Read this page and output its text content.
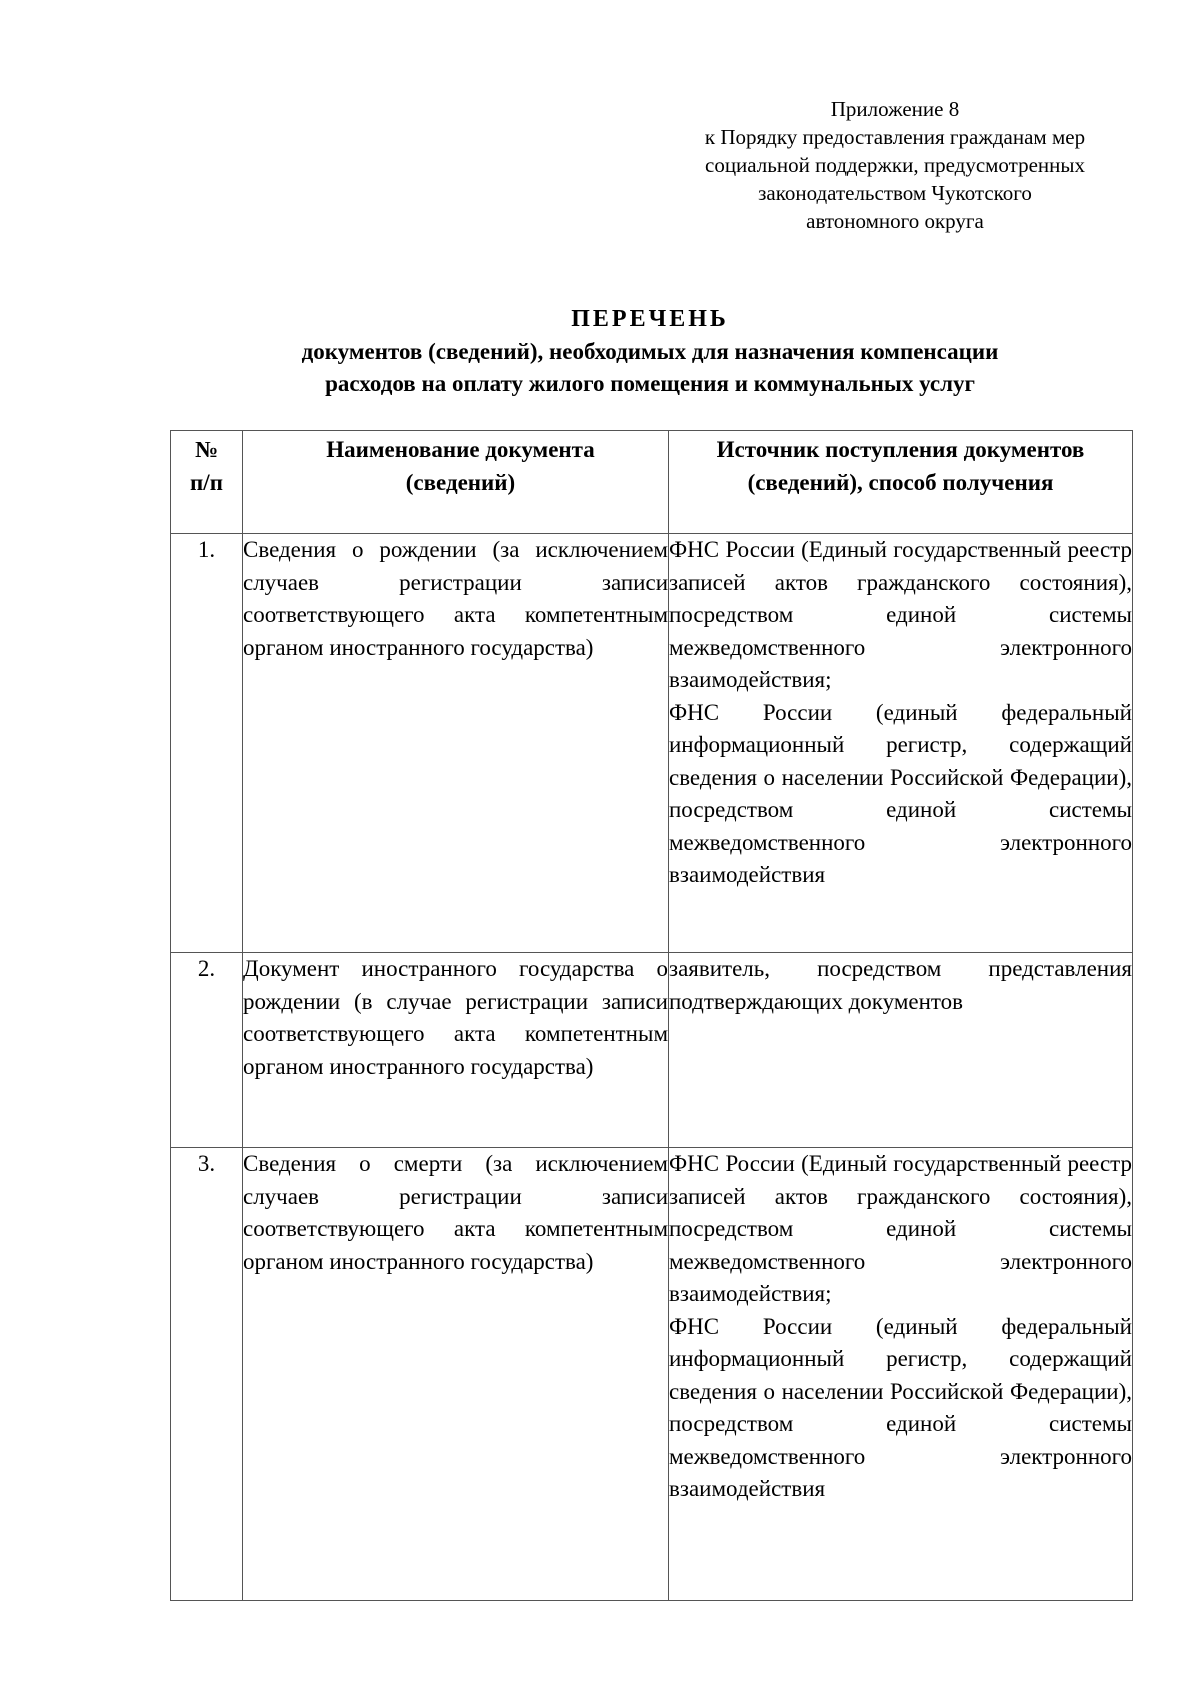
Приложение 8
к Порядку предоставления гражданам мер
социальной поддержки, предусмотренных
законодательством Чукотского
автономного округа
ПЕРЕЧЕНЬ
документов (сведений), необходимых для назначения компенсации
расходов на оплату жилого помещения и коммунальных услуг
№
п/п	Наименование документа (сведений)	Источник поступления документов (сведений), способ получения
1.	Сведения о рождении (за исключением случаев регистрации записи соответствующего акта компетентным органом иностранного государства)	ФНС России (Единый государственный реестр записей актов гражданского состояния), посредством единой системы межведомственного электронного взаимодействия;
ФНС России (единый федеральный информационный регистр, содержащий сведения о населении Российской Федерации), посредством единой системы межведомственного электронного взаимодействия

2.	Документ иностранного государства о рождении (в случае регистрации записи соответствующего акта компетентным органом иностранного государства)	заявитель, посредством представления подтверждающих документов

3.	Сведения о смерти (за исключением случаев регистрации записи соответствующего акта компетентным органом иностранного государства)	ФНС России (Единый государственный реестр записей актов гражданского состояния), посредством единой системы межведомственного электронного взаимодействия;
ФНС России (единый федеральный информационный регистр, содержащий сведения о населении Российской Федерации), посредством единой системы межведомственного электронного взаимодействия
